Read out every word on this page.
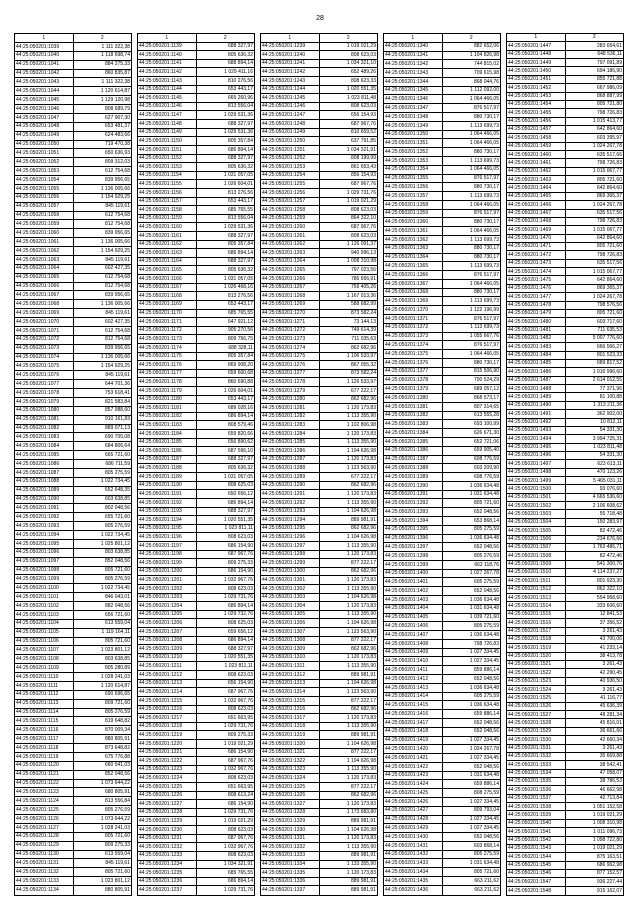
28
1	2
44:25:050201:1039	1 111 322,38
44:25:050201:1040	1 118 698,74
44:25:050201:1041	884 275,33
44:25:050201:1042	860 835,87
44:25:050201:1043	1 111 322,38
44:25:050201:1044	1 120 614,87
44:25:050201:1045	1 129 120,98
44:25:050201:1046	808 689,79
44:25:050201:1047	627 907,30
44:25:050201:1048	653 481,37
44:25:050201:1049	624 483,66
44:25:050201:1050	719 470,38
44:25:050201:1051	650 636,93
44:25:050201:1052	809 312,03
44:25:050201:1053	612 754,68
44:25:050201:1054	839 956,65
44:25:050201:1055	1 136 005,66
44:25:050201:1056	1 154 929,25
44:25:050201:1057	845 119,61
44:25:050201:1058	612 754,68
44:25:050201:1059	812 754,68
44:25:050201:1060	839 956,65
44:25:050201:1061	1 136 005,66
44:25:050201:1062	1 154 929,25
44:25:050201:1063	845 119,61
44:25:050201:1064	602 427,35
44:25:050201:1065	612 754,68
44:25:050201:1066	812 754,68
44:25:050201:1067	839 956,65
44:25:050201:1068	1 136 005,66
44:25:050201:1069	845 119,61
44:25:050201:1070	602 427,35
44:25:050201:1071	612 754,68
44:25:050201:1072	812 754,68
44:25:050201:1073	839 956,65
44:25:050201:1074	1 136 005,66
44:25:050201:1075	1 154 929,25
44:25:050201:1076	845 119,61
44:25:050201:1077	644 701,36
44:25:050201:1078	753 618,41
44:25:050201:1079	821 583,84
44:25:050201:1080	857 988,60
44:25:050201:1081	910 161,83
44:25:050201:1082	889 071,13
44:25:050201:1083	690 705,08
44:25:050201:1084	684 806,64
44:25:050201:1085	665 721,60
44:25:050201:1086	686 711,59
44:25:050201:1087	805 275,59
44:25:050201:1088	1 022 734,45
44:25:050201:1089	652 648,35
44:25:050201:1090	603 638,85
44:25:050201:1091	802 048,56
44:25:050201:1092	655 721,60
44:25:050201:1093	805 276,59
44:25:050201:1094	1 022 734,45
44:25:050201:1095	1 025 801,12
44:25:050201:1096	803 638,85
44:25:050201:1097	852 048,56
44:25:050201:1098	805 721,60
44:25:050201:1099	805 276,59
44:25:050201:1100	1 022 734,45
44:25:050201:1101	846 043,01
44:25:050201:1102	882 048,56
44:25:050201:1103	656 721,60
44:25:050201:1104	613 559,04
44:25:050201:1105	1 119 164,11
44:25:050201:1106	805 721,60
44:25:050201:1107	1 023 801,12
44:25:050201:1108	803 638,85
44:25:050201:1109	805 280,89
44:25:050201:1110	1 028 241,03
44:25:050201:1111	1 120 614,87
44:25:050201:1112	690 696,65
44:25:050201:1113	809 721,60
44:25:050201:1114	805 276,59
44:25:050201:1115	819 648,82
44:25:050201:1116	870 009,34
44:25:050201:1117	880 805,91
44:25:050201:1118	873 648,82
44:25:050201:1119	675 776,88
44:25:050201:1120	660 541,03
44:25:050201:1121	852 048,56
44:25:050201:1122	1 073 644,22
44:25:050201:1123	680 805,91
44:25:050201:1124	813 556,84
44:25:050201:1125	805 276,59
44:25:050201:1126	1 073 644,22
44:25:050201:1127	1 028 241,03
44:25:050201:1128	805 721,60
44:25:050201:1129	809 275,33
44:25:050201:1130	613 559,04
44:25:050201:1131	845 119,61
44:25:050201:1132	805 721,60
44:25:050201:1133	1 023 801,12
44:25:050201:1134	880 805,91
1	2
44:25:050201:1139	688 327,97
44:25:050201:1140	805 636,32
44:25:050201:1141	688 894,14
44:25:050201:1142	1 029 411,16
44:25:050201:1143	810 276,56
44:25:050201:1144	653 443,17
44:25:050201:1145	665 260,96
44:25:050201:1146	813 556,04
44:25:050201:1147	1 029 531,36
44:25:050201:1148	688 327,97
44:25:050201:1149	1 029 531,36
44:25:050201:1150	805 357,84
44:25:050201:1151	686 894,14
44:25:050201:1152	688 327,97
44:25:050201:1153	805 636,32
44:25:050201:1154	1 031 057,05
44:25:050201:1155	1 026 604,01
44:25:050201:1156	813 276,56
44:25:050201:1157	653 443,17
44:25:050201:1158	685 765,55
44:25:050201:1159	813 556,04
44:25:050201:1160	1 029 531,36
44:25:050201:1161	688 327,97
44:25:050201:1162	805 357,84
44:25:050201:1163	686 894,14
44:25:050201:1164	688 327,97
44:25:050201:1165	805 636,32
44:25:050201:1166	1 031 057,05
44:25:050201:1167	1 026 468,16
44:25:050201:1168	813 276,56
44:25:050201:1169	653 443,17
44:25:050201:1170	685 765,55
44:25:050201:1171	647 921,12
44:25:050201:1172	905 270,56
44:25:050201:1173	809 756,75
44:25:050201:1174	688 328,11
44:25:050201:1175	805 357,84
44:25:050201:1176	869 908,20
44:25:050201:1177	659 600,68
44:25:050201:1178	860 690,88
44:25:050201:1179	1 026 604,01
44:25:050201:1180	653 443,17
44:25:050201:1181	689 028,16
44:25:050201:1182	686 894,14
44:25:050201:1183	808 579,46
44:25:050201:1184	659 820,66
44:25:050201:1185	656 890,62
44:25:050201:1186	687 596,10
44:25:050201:1187	688 327,97
44:25:050201:1188	805 636,32
44:25:050201:1189	1 031 057,05
44:25:050201:1190	808 625,03
44:25:050201:1191	650 656,12
44:25:050201:1192	686 894,14
44:25:050201:1193	688 327,97
44:25:050201:1194	1 020 551,35
44:25:050201:1195	1 023 811,11
44:25:050201:1196	808 623,03
44:25:050201:1197	686 154,90
44:25:050201:1198	687 967,76
44:25:050201:1199	809 275,33
44:25:050201:1200	686 154,90
44:25:050201:1201	1 032 967,76
44:25:050201:1202	808 623,03
44:25:050201:1203	1 029 731,76
44:25:050201:1204	686 894,14
44:25:050201:1205	1 029 732,76
44:25:050201:1206	808 625,03
44:25:050201:1207	659 656,12
44:25:050201:1208	686 894,14
44:25:050201:1209	688 327,97
44:25:050201:1210	1 020 551,35
44:25:050201:1211	1 023 811,11
44:25:050201:1212	808 623,03
44:25:050201:1213	656 154,90
44:25:050201:1214	687 967,76
44:25:050201:1215	1 032 967,76
44:25:050201:1216	808 623,03
44:25:050201:1217	651 663,95
44:25:050201:1218	1 029 731,76
44:25:050201:1219	809 275,33
44:25:050201:1220	1 019 021,29
44:25:050201:1221	686 154,90
44:25:050201:1222	687 967,76
44:25:050201:1223	1 032 967,76
44:25:050201:1224	808 623,03
44:25:050201:1225	651 663,95
44:25:050201:1226	808 613,24
44:25:050201:1227	686 154,90
44:25:050201:1228	1 029 731,76
44:25:050201:1229	1 019 021,29
44:25:050201:1230	808 623,03
44:25:050201:1231	687 967,76
44:25:050201:1232	1 032 967,76
44:25:050201:1233	808 623,03
44:25:050201:1234	1 034 321,91
44:25:050201:1235	685 765,55
44:25:050201:1236	686 894,14
44:25:050201:1237	1 029 731,76
1	2
44:25:050201:1239	1 019 021,29
44:25:050201:1240	808 623,03
44:25:050201:1241	1 034 321,10
44:25:050201:1242	652 489,26
44:25:050201:1243	808 623,33
44:25:050201:1244	1 020 551,35
44:25:050201:1245	1 023 811,48
44:25:050201:1246	808 623,03
44:25:050201:1247	656 154,93
44:25:050201:1248	687 967,76
44:25:050201:1249	810 659,52
44:25:050201:1250	637 791,85
44:25:050201:1251	1 034 321,91
44:25:050201:1252	808 199,99
44:25:050201:1253	861 653,43
44:25:050201:1254	856 154,93
44:25:050201:1255	687 967,76
44:25:050201:1256	1 029 731,76
44:25:050201:1257	1 019 021,29
44:25:050201:1258	808 623,03
44:25:050201:1259	864 322,10
44:25:050201:1260	687 967,76
44:25:050201:1261	808 623,03
44:25:050201:1262	1 126 091,37
44:25:050201:1263	940 996,13
44:25:050201:1264	1 008 310,98
44:25:050201:1265	797 023,56
44:25:050201:1266	786 656,91
44:25:050201:1267	759 405,26
44:25:050201:1268	1 167 013,36
44:25:050201:1269	588 682,99
44:25:050201:1270	873 582,24
44:25:050201:1271	73 144,13
44:25:050201:1272	749 614,39
44:25:050201:1273	711 035,63
44:25:050201:1274	862 682,96
44:25:050201:1275	1 106 533,97
44:25:050201:1276	867 055,32
44:25:050201:1277	873 582,24
44:25:050201:1278	1 126 533,97
44:25:050201:1279	677 222,17
44:25:050201:1280	862 682,96
44:25:050201:1281	1 120 173,83
44:25:050201:1282	1 113 355,90
44:25:050201:1283	1 102 806,98
44:25:050201:1284	1 120 173,83
44:25:050201:1285	1 113 355,90
44:25:050201:1286	1 104 626,98
44:25:050201:1287	1 120 173,83
44:25:050201:1288	1 123 563,90
44:25:050201:1289	677 222,17
44:25:050201:1290	862 682,96
44:25:050201:1291	1 120 173,83
44:25:050201:1292	1 113 355,90
44:25:050201:1293	1 104 626,98
44:25:050201:1294	889 981,91
44:25:050201:1295	862 682,96
44:25:050201:1296	1 104 626,98
44:25:050201:1297	1 113 355,90
44:25:050201:1298	1 120 173,83
44:25:050201:1299	877 222,17
44:25:050201:1300	862 682,96
44:25:050201:1301	1 120 173,83
44:25:050201:1302	1 113 355,90
44:25:050201:1303	1 104 626,98
44:25:050201:1304	1 120 173,83
44:25:050201:1305	1 113 355,90
44:25:050201:1306	1 104 626,98
44:25:050201:1307	1 123 563,90
44:25:050201:1308	877 222,17
44:25:050201:1309	862 682,96
44:25:050201:1310	1 120 173,83
44:25:050201:1311	1 113 355,90
44:25:050201:1312	889 981,91
44:25:050201:1313	1 104 626,98
44:25:050201:1314	1 123 563,90
44:25:050201:1315	877 222,17
44:25:050201:1316	862 682,96
44:25:050201:1317	1 120 173,83
44:25:050201:1318	1 113 355,90
44:25:050201:1319	889 981,91
44:25:050201:1320	1 104 626,98
44:25:050201:1321	877 222,17
44:25:050201:1322	1 104 626,98
44:25:050201:1323	1 113 355,90
44:25:050201:1324	1 120 173,83
44:25:050201:1325	877 222,17
44:25:050201:1326	862 682,96
44:25:050201:1327	1 120 173,83
44:25:050201:1328	1 173 683,80
44:25:050201:1329	889 981,91
44:25:050201:1330	1 104 626,98
44:25:050201:1331	1 120 173,83
44:25:050201:1332	1 113 355,90
44:25:050201:1333	889 981,91
44:25:050201:1334	1 133 355,90
44:25:050201:1335	1 120 173,83
44:25:050201:1336	889 981,91
44:25:050201:1337	889 981,91
1	2
44:25:050201:1340	882 652,06
44:25:050201:1341	1 104 826,98
44:25:050201:1342	744 815,02
44:25:050201:1343	709 615,98
44:25:050201:1344	868 044,76
44:25:050201:1345	1 112 092,00
44:25:050201:1346	1 064 466,05
44:25:050201:1347	876 517,97
44:25:050201:1348	880 730,17
44:25:050201:1349	1 113 699,73
44:25:050201:1350	1 064 466,05
44:25:050201:1351	1 064 466,05
44:25:050201:1352	880 730,17
44:25:050201:1353	1 113 699,73
44:25:050201:1354	1 064 466,05
44:25:050201:1355	876 517,97
44:25:050201:1356	880 730,17
44:25:050201:1357	1 113 699,73
44:25:050201:1358	1 064 466,05
44:25:050201:1359	876 517,97
44:25:050201:1360	880 730,17
44:25:050201:1361	1 064 466,05
44:25:050201:1362	1 113 699,73
44:25:050201:1363	880 730,17
44:25:050201:1364	880 730,17
44:25:050201:1365	1 113 699,73
44:25:050201:1366	876 517,97
44:25:050201:1367	1 064 466,05
44:25:050201:1368	880 730,17
44:25:050201:1369	1 113 699,73
44:25:050201:1370	1 122 196,99
44:25:050201:1371	876 517,97
44:25:050201:1372	1 113 699,73
44:25:050201:1373	1 055 667,76
44:25:050201:1374	876 517,97
44:25:050201:1375	1 064 466,05
44:25:050201:1376	880 730,17
44:25:050201:1377	815 506,90
44:25:050201:1378	700 524,29
44:25:050201:1379	689 057,12
44:25:050201:1380	868 573,17
44:25:050201:1381	807 314,65
44:25:050201:1382	613 555,28
44:25:050201:1383	693 100,99
44:25:050201:1384	626 671,30
44:25:050201:1385	652 721,06
44:25:050201:1386	659 905,40
44:25:050201:1387	608 776,59
44:25:050201:1388	603 209,90
44:25:050201:1389	608 776,59
44:25:050201:1390	1 036 634,48
44:25:050201:1391	1 031 634,48
44:25:050201:1392	805 721,60
44:25:050201:1393	652 048,56
44:25:050201:1394	653 868,14
44:25:050201:1395	805 275,59
44:25:050201:1396	1 036 634,48
44:25:050201:1397	652 048,56
44:25:050201:1398	805 276,59
44:25:050201:1399	662 118,76
44:25:050201:1400	1 027 267,78
44:25:050201:1401	605 275,59
44:25:050201:1402	652 048,56
44:25:050201:1403	1 036 634,48
44:25:050201:1404	1 031 634,48
44:25:050201:1405	1 039 721,60
44:25:050201:1406	805 275,59
44:25:050201:1407	1 036 634,48
44:25:050201:1408	798 726,83
44:25:050201:1409	1 027 334,45
44:25:050201:1410	1 027 334,45
44:25:050201:1411	859 886,14
44:25:050201:1412	652 048,56
44:25:050201:1413	1 036 634,48
44:25:050201:1414	605 275,59
44:25:050201:1415	1 036 634,48
44:25:050201:1416	659 886,14
44:25:050201:1417	652 048,56
44:25:050201:1418	652 048,56
44:25:050201:1419	1 027 334,45
44:25:050201:1420	1 024 267,78
44:25:050201:1421	1 027 334,45
44:25:050201:1422	652 048,56
44:25:050201:1423	1 031 634,48
44:25:050201:1424	659 886,14
44:25:050201:1425	808 275,59
44:25:050201:1426	1 027 334,45
44:25:050201:1427	809 793,04
44:25:050201:1428	1 027 334,45
44:25:050201:1429	1 027 334,45
44:25:050201:1430	652 048,56
44:25:050201:1431	603 868,14
44:25:050201:1432	805 275,59
44:25:050201:1433	1 031 634,48
44:25:050201:1434	805 721,60
44:25:050201:1435	663 211,62
44:25:050201:1436	663 211,62
1	2
44:25:050201:1447	283 654,61
44:25:050201:1448	648 536,11
44:25:050201:1449	797 091,89
44:25:050201:1450	694 186,90
44:25:050201:1451	855 721,88
44:25:050201:1452	667 986,09
44:25:050201:1453	868 887,99
44:25:050201:1454	805 721,80
44:25:050201:1455	798 726,83
44:25:050201:1456	1 015 413,77
44:25:050201:1457	642 864,60
44:25:050201:1458	603 395,97
44:25:050201:1459	1 024 267,78
44:25:050201:1460	635 517,66
44:25:050201:1461	798 726,83
44:25:050201:1462	1 015 067,77
44:25:050201:1463	805 721,60
44:25:050201:1464	642 864,60
44:25:050201:1465	869 365,37
44:25:050201:1466	1 024 267,78
44:25:050201:1467	635 517,56
44:25:050201:1468	798 726,83
44:25:050201:1469	1 015 067,77
44:25:050201:1470	642 864,60
44:25:050201:1471	805 721,60
44:25:050201:1472	798 726,83
44:25:050201:1473	635 517,56
44:25:050201:1474	1 015 067,77
44:25:050201:1475	642 864,60
44:25:050201:1476	869 365,37
44:25:050201:1477	1 024 267,78
44:25:050201:1478	798 576,56
44:25:050201:1479	805 721,60
44:25:050201:1480	603 717,60
44:25:050201:1481	711 635,53
44:25:050201:1482	5 007 776,60
44:25:050201:1483	666 566,27
44:25:050201:1484	801 523,33
44:25:050201:1485	689 817,52
44:25:050201:1486	1 016 996,60
44:25:050201:1487	2 614 012,55
44:25:050201:1488	77 371,96
44:25:050201:1489	81 100,88
44:25:050201:1490	1 313 211,36
44:25:050201:1491	362 902,00
44:25:050201:1492	10 812,11
44:25:050201:1493	54 331,30
44:25:050201:1494	3 994 725,31
44:25:050201:1495	1 023 811,48
44:25:050201:1496	54 331,30
44:25:050201:1497	623 613,11
44:25:050201:1498	470 123,26
44:25:050201:1499	5 465 031,11
44:25:050201:1500	93 076,60
44:25:050201:1501	4 665 536,60
44:25:050201:1502	2 106 608,62
44:25:050201:1503	55 718,48
44:25:050201:1504	150 283,97
44:25:050201:1505	82 472,46
44:25:050201:1506	234 676,66
44:25:050201:1507	1 763 486,71
44:25:050201:1508	82 472,46
44:25:050201:1509	541 300,76
44:25:050201:1510	4 114 237,27
44:25:050201:1511	801 923,30
44:25:050201:1512	862 322,10
44:25:050201:1513	554 968,60
44:25:050201:1514	333 606,60
44:25:050201:1515	12 841,53
44:25:050201:1516	37 356,52
44:25:050201:1517	3 261,43
44:25:050201:1518	43 700,06
44:25:050201:1519	41 233,14
44:25:050201:1520	38 413,78
44:25:050201:1521	3 261,43
44:25:050201:1522	42 290,45
44:25:050201:1523	40 936,50
44:25:050201:1524	3 261,43
44:25:050201:1525	41 116,77
44:25:050201:1526	45 636,39
44:25:050201:1527	48 281,34
44:25:050201:1528	45 816,01
44:25:050201:1529	36 661,66
44:25:050201:1530	42 660,34
44:25:050201:1531	3 261,43
44:25:050201:1532	35 669,88
44:25:050201:1533	38 542,41
44:25:050201:1534	47 058,07
44:25:050201:1535	38 786,53
44:25:050201:1536	46 662,98
44:25:050201:1537	42 713,84
44:25:050201:1538	1 051 152,58
44:25:050201:1539	1 019 021,29
44:25:050201:1540	1 008 310,98
44:25:050201:1541	1 011 096,73
44:25:050201:1542	1 098 722,80
44:25:050201:1543	1 019 021,29
44:25:050201:1544	875 163,51
44:25:050201:1545	686 962,98
44:25:050201:1546	877 152,57
44:25:050201:1547	936 227,44
44:25:050201:1548	915 162,07
